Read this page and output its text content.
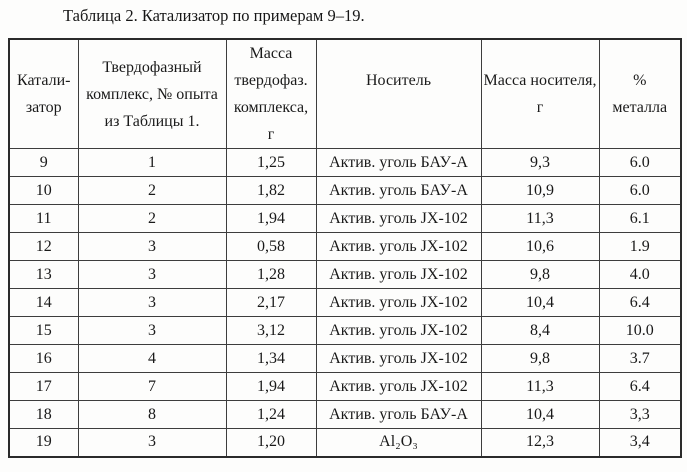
Таблица 2. Катализатор по примерам 9–19.
Катали-
затор	Твердофазный
комплекс, № опыта
из Таблицы 1.	Масса
твердофаз.
комплекса,
г	Носитель	Масса носителя,
г	%
металла

9	1	1,25	Актив. уголь БАУ-А	9,3	6.0
10	2	1,82	Актив. уголь БАУ-А	10,9	6.0
11	2	1,94	Актив. уголь JX-102	11,3	6.1
12	3	0,58	Актив. уголь JX-102	10,6	1.9
13	3	1,28	Актив. уголь JX-102	9,8	4.0
14	3	2,17	Актив. уголь JX-102	10,4	6.4
15	3	3,12	Актив. уголь JX-102	8,4	10.0
16	4	1,34	Актив. уголь JX-102	9,8	3.7
17	7	1,94	Актив. уголь JX-102	11,3	6.4
18	8	1,24	Актив. уголь БАУ-А	10,4	3,3
19	3	1,20	Al₂O₃	12,3	3,4
